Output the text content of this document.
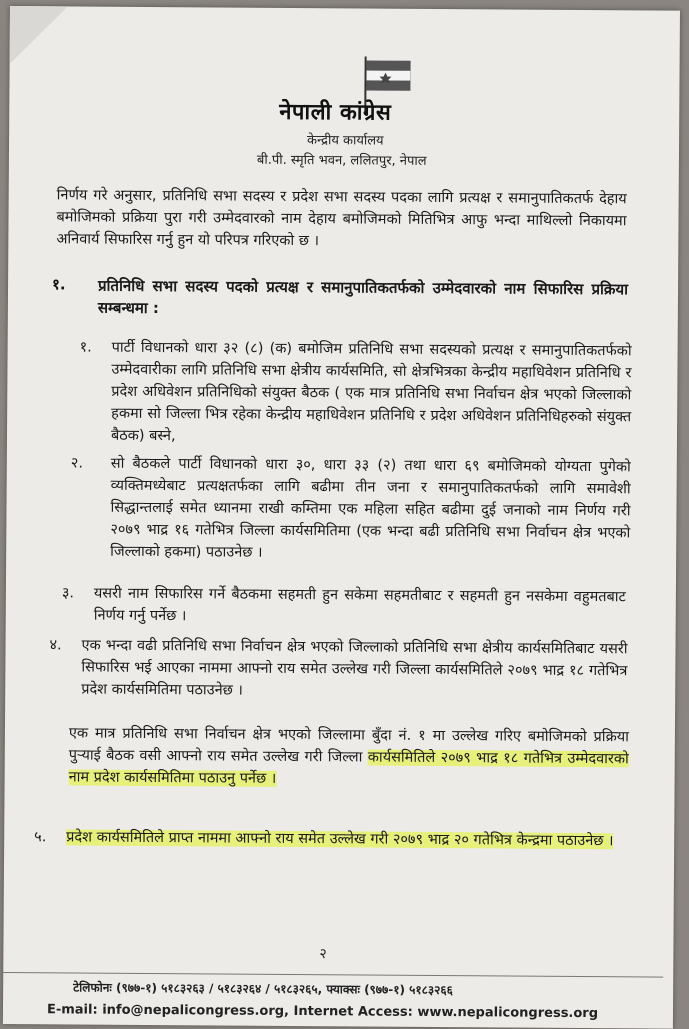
नेपाली कांग्रेस
केन्द्रीय कार्यालय
बी.पी. स्मृति भवन, ललितपुर, नेपाल
निर्णय गरे अनुसार, प्रतिनिधि सभा सदस्य र प्रदेश सभा सदस्य पदका लागि प्रत्यक्ष र समानुपातिकतर्फ देहाय बमोजिमको प्रक्रिया पुरा गरी उम्मेदवारको नाम देहाय बमोजिमको मितिभित्र आफु भन्दा माथिल्लो निकायमा अनिवार्य सिफारिस गर्नु हुन यो परिपत्र गरिएको छ ।
१. प्रतिनिधि सभा सदस्य पदको प्रत्यक्ष र समानुपातिकतर्फको उम्मेदवारको नाम सिफारिस प्रक्रिया सम्बन्धमा :
१. पार्टी विधानको धारा ३२ (८) (क) बमोजिम प्रतिनिधि सभा सदस्यको प्रत्यक्ष र समानुपातिकतर्फको उम्मेदवारीका लागि प्रतिनिधि सभा क्षेत्रीय कार्यसमिति, सो क्षेत्रभित्रका केन्द्रीय महाधिवेशन प्रतिनिधि र प्रदेश अधिवेशन प्रतिनिधिको संयुक्त बैठक ( एक मात्र प्रतिनिधि सभा निर्वाचन क्षेत्र भएको जिल्लाको हकमा सो जिल्ला भित्र रहेका केन्द्रीय महाधिवेशन प्रतिनिधि र प्रदेश अधिवेशन प्रतिनिधिहरुको संयुक्त बैठक) बस्ने,
२. सो बैठकले पार्टी विधानको धारा ३०, धारा ३३ (२) तथा धारा ६९ बमोजिमको योग्यता पुगेको व्यक्तिमध्येबाट प्रत्यक्षतर्फका लागि बढीमा तीन जना र समानुपातिकतर्फको लागि समावेशी सिद्धान्तलाई समेत ध्यानमा राखी कम्तिमा एक महिला सहित बढीमा दुई जनाको नाम निर्णय गरी २०७९ भाद्र १६ गतेभित्र जिल्ला कार्यसमितिमा (एक भन्दा बढी प्रतिनिधि सभा निर्वाचन क्षेत्र भएको जिल्लाको हकमा) पठाउनेछ ।
३. यसरी नाम सिफारिस गर्ने बैठकमा सहमती हुन सकेमा सहमतीबाट र सहमती हुन नसकेमा वहुमतबाट निर्णय गर्नु पर्नेछ ।
४. एक भन्दा वढी प्रतिनिधि सभा निर्वाचन क्षेत्र भएको जिल्लाको प्रतिनिधि सभा क्षेत्रीय कार्यसमितिबाट यसरी सिफारिस भई आएका नाममा आफ्नो राय समेत उल्लेख गरी जिल्ला कार्यसमितिले २०७९ भाद्र १८ गतेभित्र प्रदेश कार्यसमितिमा पठाउनेछ ।
एक मात्र प्रतिनिधि सभा निर्वाचन क्षेत्र भएको जिल्लामा बुँदा नं. १ मा उल्लेख गरिए बमोजिमको प्रक्रिया पुऱ्याई बैठक वसी आफ्नो राय समेत उल्लेख गरी जिल्ला कार्यसमितिले २०७९ भाद्र १८ गतेभित्र उम्मेदवारको नाम प्रदेश कार्यसमितिमा पठाउनु पर्नेछ ।
५. प्रदेश कार्यसमितिले प्राप्त नाममा आफ्नो राय समेत उल्लेख गरी २०७९ भाद्र २० गतेभित्र केन्द्रमा पठाउनेछ ।
२
टेलिफोनः (९७७-१) ५१८३२६३ / ५१८३२६४ / ५१८३२६५, फ्याक्सः (९७७-१) ५१८३२६६
E-mail: info@nepalicongress.org, Internet Access: www.nepalicongress.org
